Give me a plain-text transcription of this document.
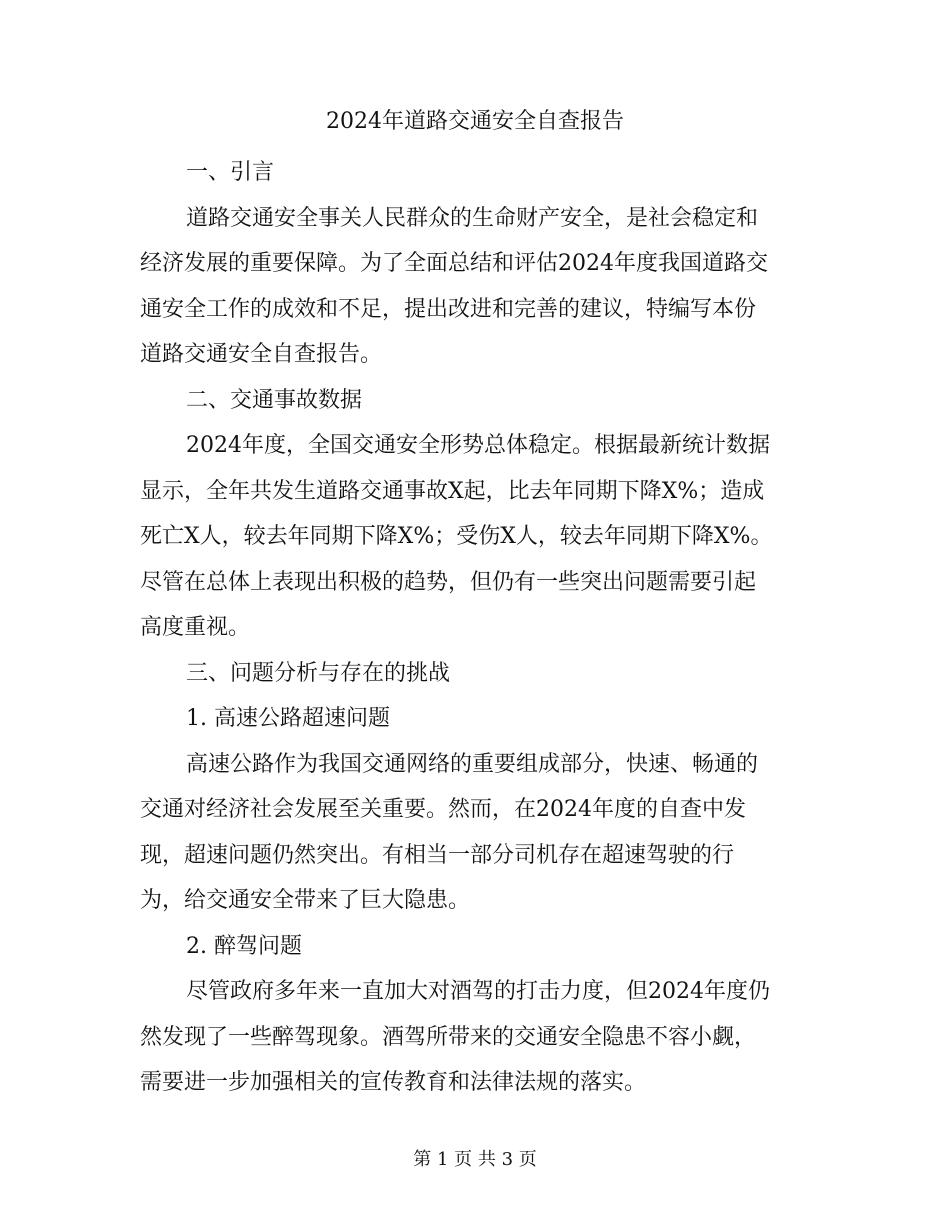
2024年道路交通安全自查报告

一、引言

道路交通安全事关人民群众的生命财产安全，是社会稳定和
经济发展的重要保障。为了全面总结和评估2024年度我国道路交
通安全工作的成效和不足，提出改进和完善的建议，特编写本份
道路交通安全自查报告。

二、交通事故数据

2024年度，全国交通安全形势总体稳定。根据最新统计数据
显示，全年共发生道路交通事故X起，比去年同期下降X%；造成
死亡X人，较去年同期下降X%；受伤X人，较去年同期下降X%。
尽管在总体上表现出积极的趋势，但仍有一些突出问题需要引起
高度重视。

三、问题分析与存在的挑战

1. 高速公路超速问题

高速公路作为我国交通网络的重要组成部分，快速、畅通的
交通对经济社会发展至关重要。然而，在2024年度的自查中发
现，超速问题仍然突出。有相当一部分司机存在超速驾驶的行
为，给交通安全带来了巨大隐患。

2. 醉驾问题

尽管政府多年来一直加大对酒驾的打击力度，但2024年度仍
然发现了一些醉驾现象。酒驾所带来的交通安全隐患不容小觑，
需要进一步加强相关的宣传教育和法律法规的落实。

第 1 页 共 3 页
